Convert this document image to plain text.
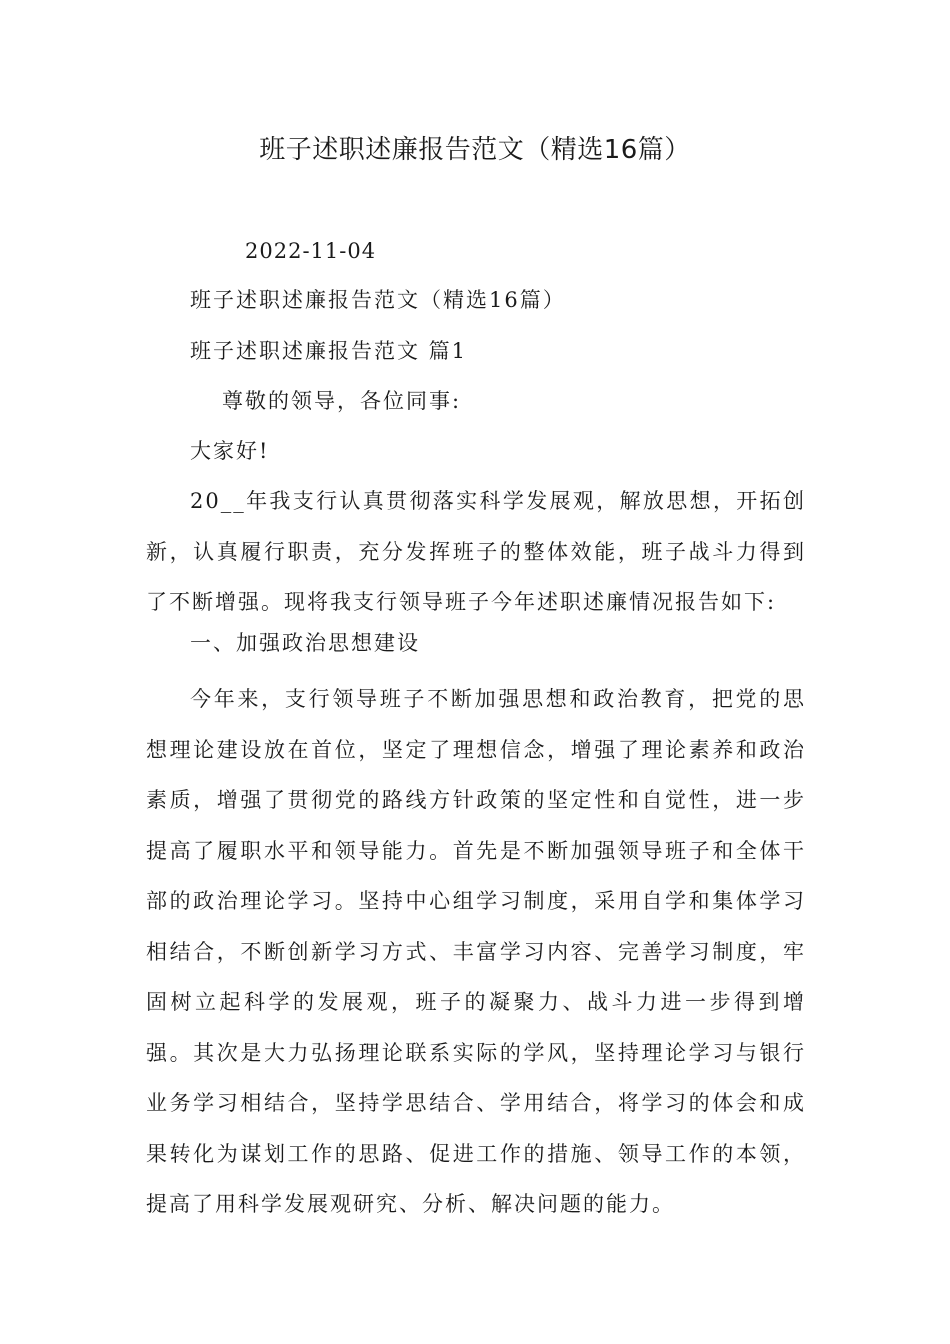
班子述职述廉报告范文（精选16篇）

2022-11-04

班子述职述廉报告范文（精选16篇）

班子述职述廉报告范文 篇1

尊敬的领导，各位同事:

大家好!

20__年我支行认真贯彻落实科学发展观，解放思想，开拓创新，认真履行职责，充分发挥班子的整体效能，班子战斗力得到了不断增强。现将我支行领导班子今年述职述廉情况报告如下:

一、加强政治思想建设

今年来，支行领导班子不断加强思想和政治教育，把党的思想理论建设放在首位，坚定了理想信念，增强了理论素养和政治素质，增强了贯彻党的路线方针政策的坚定性和自觉性，进一步提高了履职水平和领导能力。首先是不断加强领导班子和全体干部的政治理论学习。坚持中心组学习制度，采用自学和集体学习相结合，不断创新学习方式、丰富学习内容、完善学习制度，牢固树立起科学的发展观，班子的凝聚力、战斗力进一步得到增强。其次是大力弘扬理论联系实际的学风，坚持理论学习与银行业务学习相结合，坚持学思结合、学用结合，将学习的体会和成果转化为谋划工作的思路、促进工作的措施、领导工作的本领，提高了用科学发展观研究、分析、解决问题的能力。
